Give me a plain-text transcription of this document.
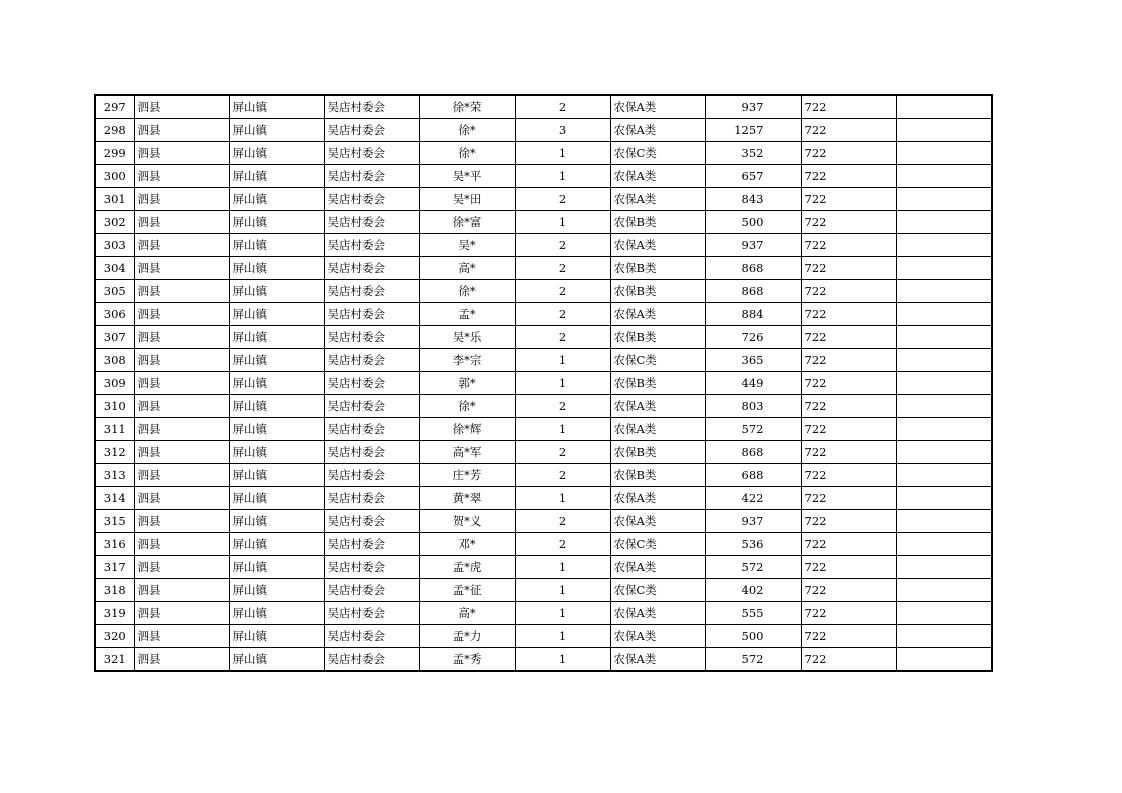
297	泗县	屏山镇	吴店村委会	徐*荣	2	农保A类	937	722	
298	泗县	屏山镇	吴店村委会	徐*	3	农保A类	1257	722	
299	泗县	屏山镇	吴店村委会	徐*	1	农保C类	352	722	
300	泗县	屏山镇	吴店村委会	吴*平	1	农保A类	657	722	
301	泗县	屏山镇	吴店村委会	吴*田	2	农保A类	843	722	
302	泗县	屏山镇	吴店村委会	徐*富	1	农保B类	500	722	
303	泗县	屏山镇	吴店村委会	吴*	2	农保A类	937	722	
304	泗县	屏山镇	吴店村委会	高*	2	农保B类	868	722	
305	泗县	屏山镇	吴店村委会	徐*	2	农保B类	868	722	
306	泗县	屏山镇	吴店村委会	孟*	2	农保A类	884	722	
307	泗县	屏山镇	吴店村委会	吴*乐	2	农保B类	726	722	
308	泗县	屏山镇	吴店村委会	李*宗	1	农保C类	365	722	
309	泗县	屏山镇	吴店村委会	郭*	1	农保B类	449	722	
310	泗县	屏山镇	吴店村委会	徐*	2	农保A类	803	722	
311	泗县	屏山镇	吴店村委会	徐*辉	1	农保A类	572	722	
312	泗县	屏山镇	吴店村委会	高*军	2	农保B类	868	722	
313	泗县	屏山镇	吴店村委会	庄*芳	2	农保B类	688	722	
314	泗县	屏山镇	吴店村委会	黄*翠	1	农保A类	422	722	
315	泗县	屏山镇	吴店村委会	贺*义	2	农保A类	937	722	
316	泗县	屏山镇	吴店村委会	邓*	2	农保C类	536	722	
317	泗县	屏山镇	吴店村委会	孟*虎	1	农保A类	572	722	
318	泗县	屏山镇	吴店村委会	孟*征	1	农保C类	402	722	
319	泗县	屏山镇	吴店村委会	高*	1	农保A类	555	722	
320	泗县	屏山镇	吴店村委会	孟*力	1	农保A类	500	722	
321	泗县	屏山镇	吴店村委会	孟*秀	1	农保A类	572	722	
